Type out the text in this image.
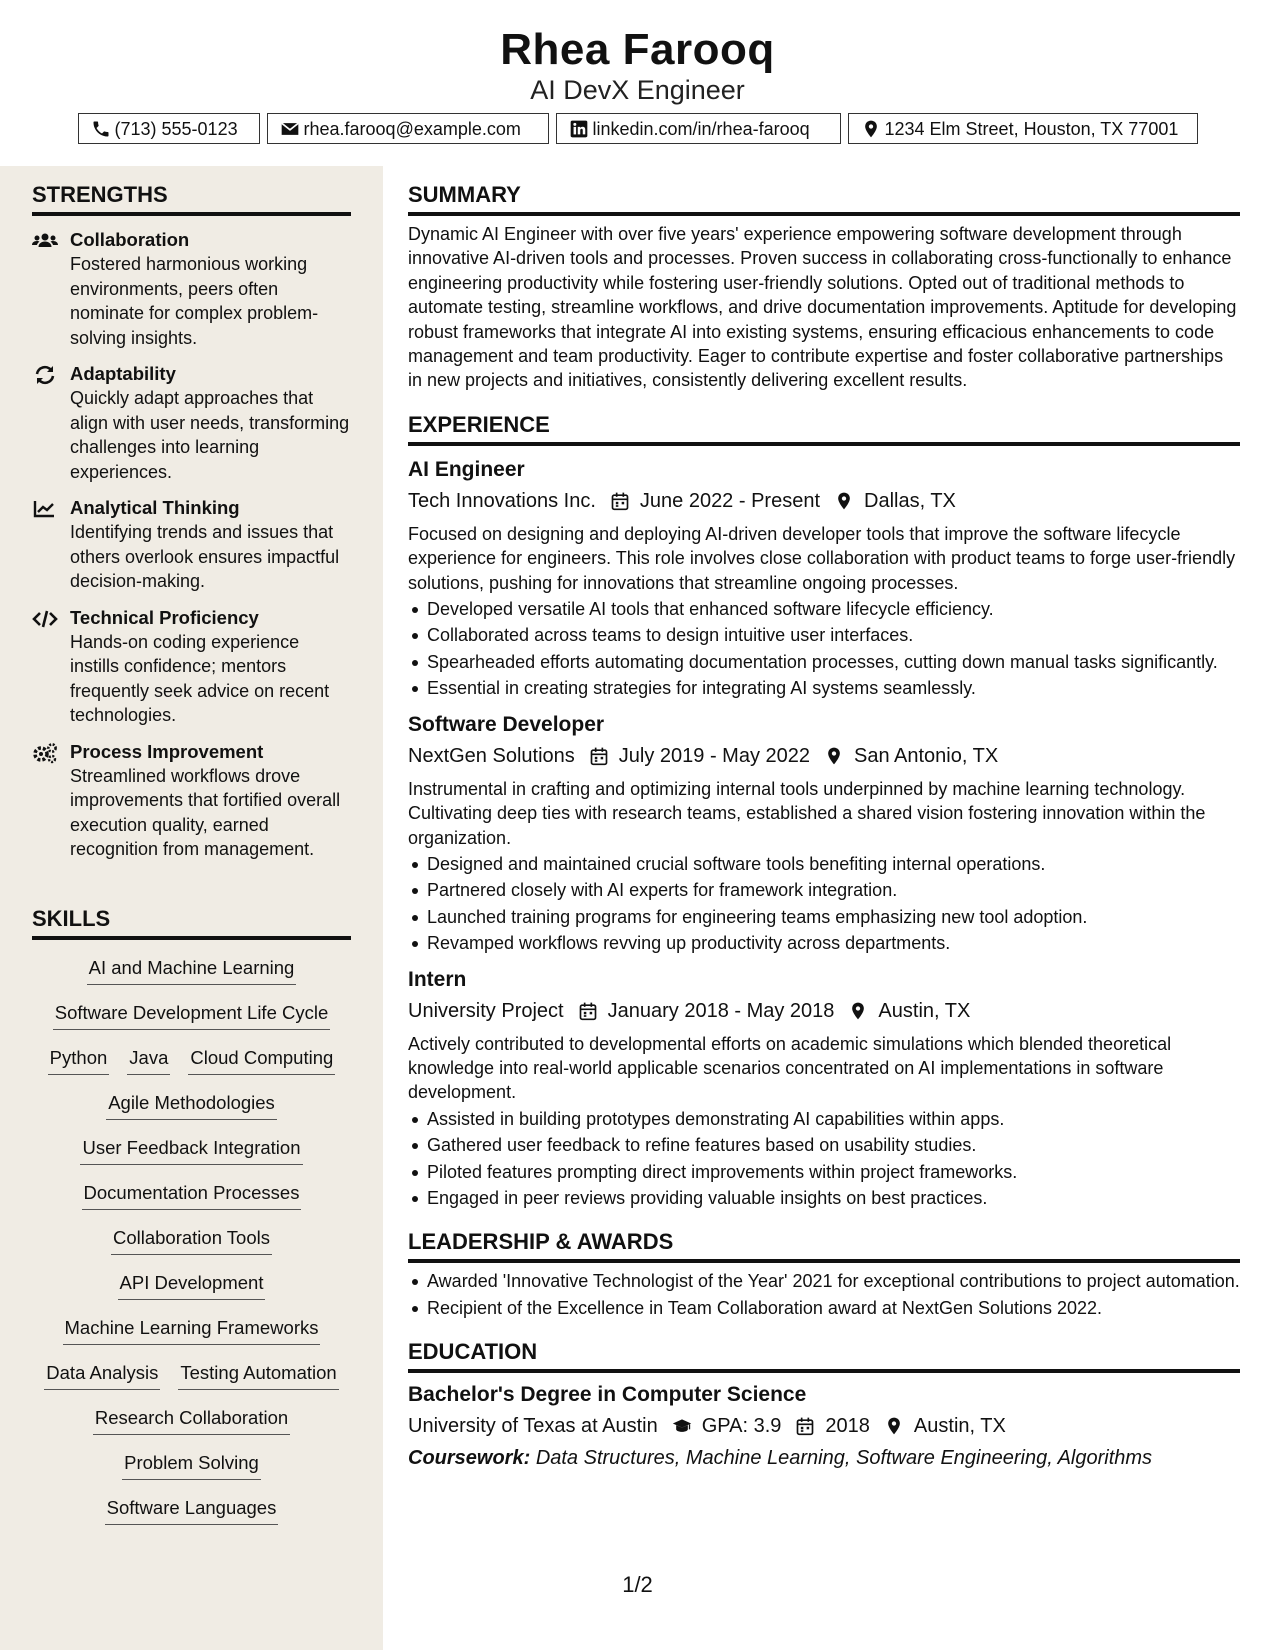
Rhea Farooq
AI DevX Engineer
(713) 555-0123	rhea.farooq@example.com	linkedin.com/in/rhea-farooq	1234 Elm Street, Houston, TX 77001
STRENGTHS
Collaboration
Fostered harmonious working environments, peers often nominate for complex problem-solving insights.
Adaptability
Quickly adapt approaches that align with user needs, transforming challenges into learning experiences.
Analytical Thinking
Identifying trends and issues that others overlook ensures impactful decision-making.
Technical Proficiency
Hands-on coding experience instills confidence; mentors frequently seek advice on recent technologies.
Process Improvement
Streamlined workflows drove improvements that fortified overall execution quality, earned recognition from management.
SKILLS
AI and Machine Learning
Software Development Life Cycle
Python Java Cloud Computing
Agile Methodologies
User Feedback Integration
Documentation Processes
Collaboration Tools
API Development
Machine Learning Frameworks
Data Analysis Testing Automation
Research Collaboration
Problem Solving
Software Languages
SUMMARY
Dynamic AI Engineer with over five years' experience empowering software development through innovative AI-driven tools and processes. Proven success in collaborating cross-functionally to enhance engineering productivity while fostering user-friendly solutions. Opted out of traditional methods to automate testing, streamline workflows, and drive documentation improvements. Aptitude for developing robust frameworks that integrate AI into existing systems, ensuring efficacious enhancements to code management and team productivity. Eager to contribute expertise and foster collaborative partnerships in new projects and initiatives, consistently delivering excellent results.
EXPERIENCE
AI Engineer
Tech Innovations Inc. June 2022 - Present Dallas, TX
Focused on designing and deploying AI-driven developer tools that improve the software lifecycle experience for engineers. This role involves close collaboration with product teams to forge user-friendly solutions, pushing for innovations that streamline ongoing processes.
Developed versatile AI tools that enhanced software lifecycle efficiency.
Collaborated across teams to design intuitive user interfaces.
Spearheaded efforts automating documentation processes, cutting down manual tasks significantly.
Essential in creating strategies for integrating AI systems seamlessly.
Software Developer
NextGen Solutions July 2019 - May 2022 San Antonio, TX
Instrumental in crafting and optimizing internal tools underpinned by machine learning technology. Cultivating deep ties with research teams, established a shared vision fostering innovation within the organization.
Designed and maintained crucial software tools benefiting internal operations.
Partnered closely with AI experts for framework integration.
Launched training programs for engineering teams emphasizing new tool adoption.
Revamped workflows revving up productivity across departments.
Intern
University Project January 2018 - May 2018 Austin, TX
Actively contributed to developmental efforts on academic simulations which blended theoretical knowledge into real-world applicable scenarios concentrated on AI implementations in software development.
Assisted in building prototypes demonstrating AI capabilities within apps.
Gathered user feedback to refine features based on usability studies.
Piloted features prompting direct improvements within project frameworks.
Engaged in peer reviews providing valuable insights on best practices.
LEADERSHIP & AWARDS
Awarded 'Innovative Technologist of the Year' 2021 for exceptional contributions to project automation.
Recipient of the Excellence in Team Collaboration award at NextGen Solutions 2022.
EDUCATION
Bachelor's Degree in Computer Science
University of Texas at Austin GPA: 3.9 2018 Austin, TX
Coursework: Data Structures, Machine Learning, Software Engineering, Algorithms
1/2
